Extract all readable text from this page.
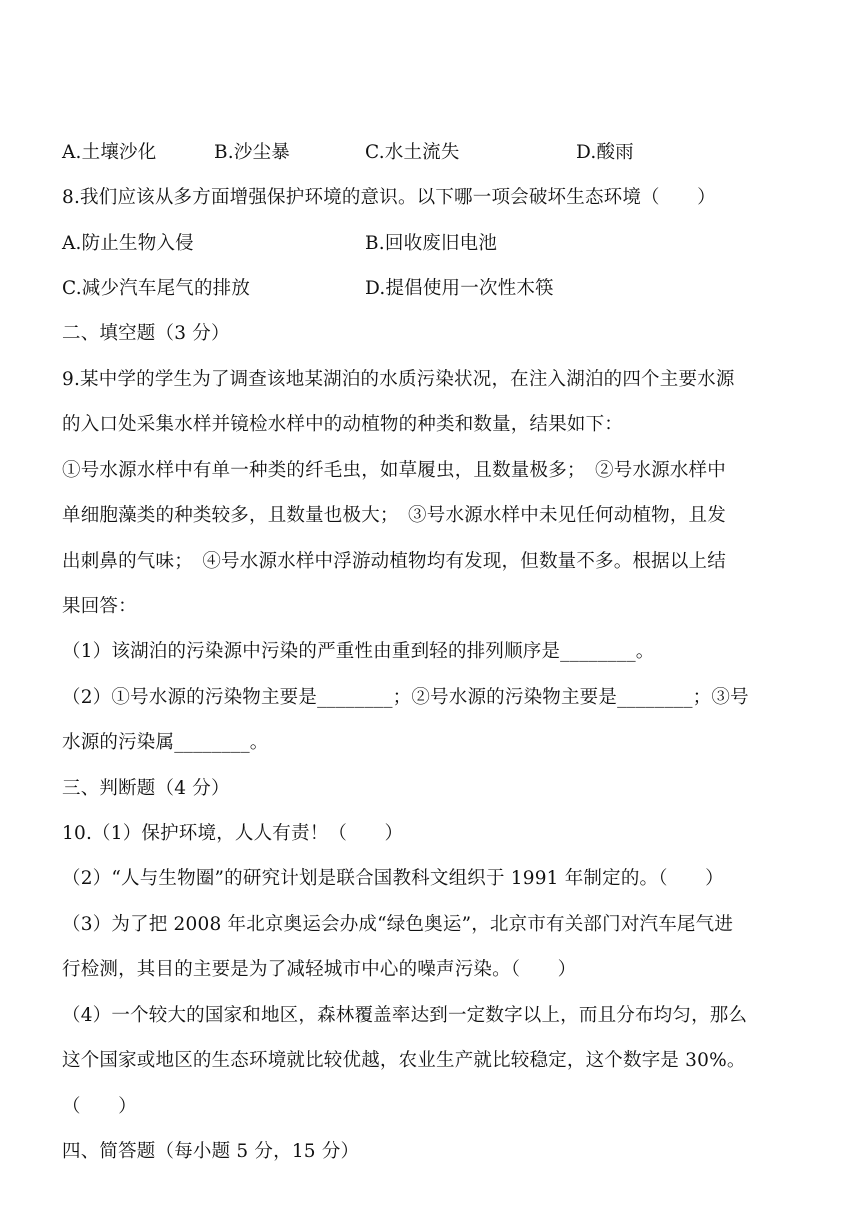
A.土壤沙化	B.沙尘暴	C.水土流失	D.酸雨
8.我们应该从多方面增强保护环境的意识。以下哪一项会破坏生态环境（　　）
A.防止生物入侵	B.回收废旧电池
C.减少汽车尾气的排放	D.提倡使用一次性木筷
二、填空题（3 分）
9.某中学的学生为了调查该地某湖泊的水质污染状况，在注入湖泊的四个主要水源
的入口处采集水样并镜检水样中的动植物的种类和数量，结果如下：
①号水源水样中有单一种类的纤毛虫，如草履虫，且数量极多；　②号水源水样中
单细胞藻类的种类较多，且数量也极大；　③号水源水样中未见任何动植物，且发
出刺鼻的气味；　④号水源水样中浮游动植物均有发现，但数量不多。根据以上结
果回答：
（1）该湖泊的污染源中污染的严重性由重到轻的排列顺序是________。
（2）①号水源的污染物主要是________；②号水源的污染物主要是________；③号
水源的污染属________。
三、判断题（4 分）
10.（1）保护环境，人人有责！（　　）
（2）“人与生物圈”的研究计划是联合国教科文组织于 1991 年制定的。（　　）
（3）为了把 2008 年北京奥运会办成“绿色奥运”，北京市有关部门对汽车尾气进
行检测，其目的主要是为了减轻城市中心的噪声污染。（　　）
（4）一个较大的国家和地区，森林覆盖率达到一定数字以上，而且分布均匀，那么
这个国家或地区的生态环境就比较优越，农业生产就比较稳定，这个数字是 30%。
（　　）
四、简答题（每小题 5 分，15 分）
